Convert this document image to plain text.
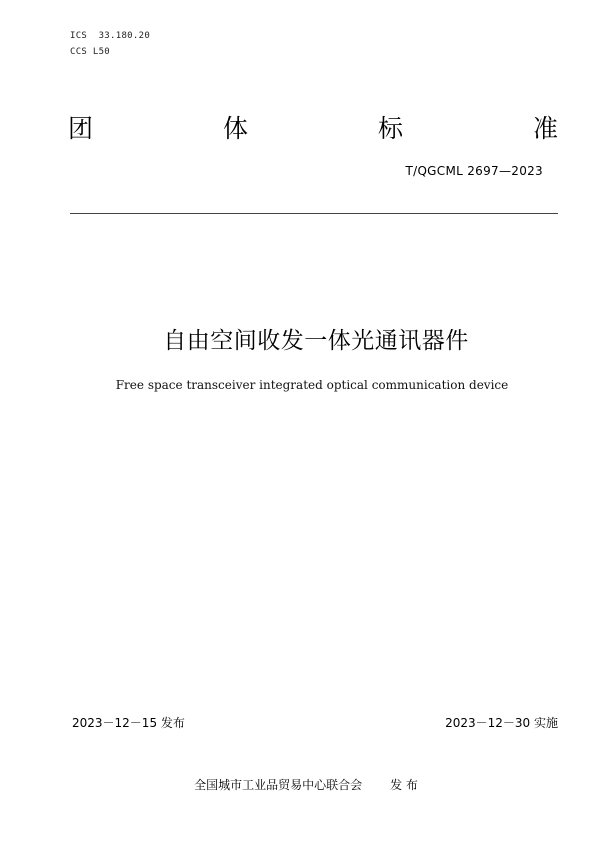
ICS  33.180.20
CCS L50
团	体	标	准
T/QGCML 2697—2023
自由空间收发一体光通讯器件
Free space transceiver integrated optical communication device
2023－12－15 发布	2023－12－30 实施
全国城市工业品贸易中心联合会 发 布
